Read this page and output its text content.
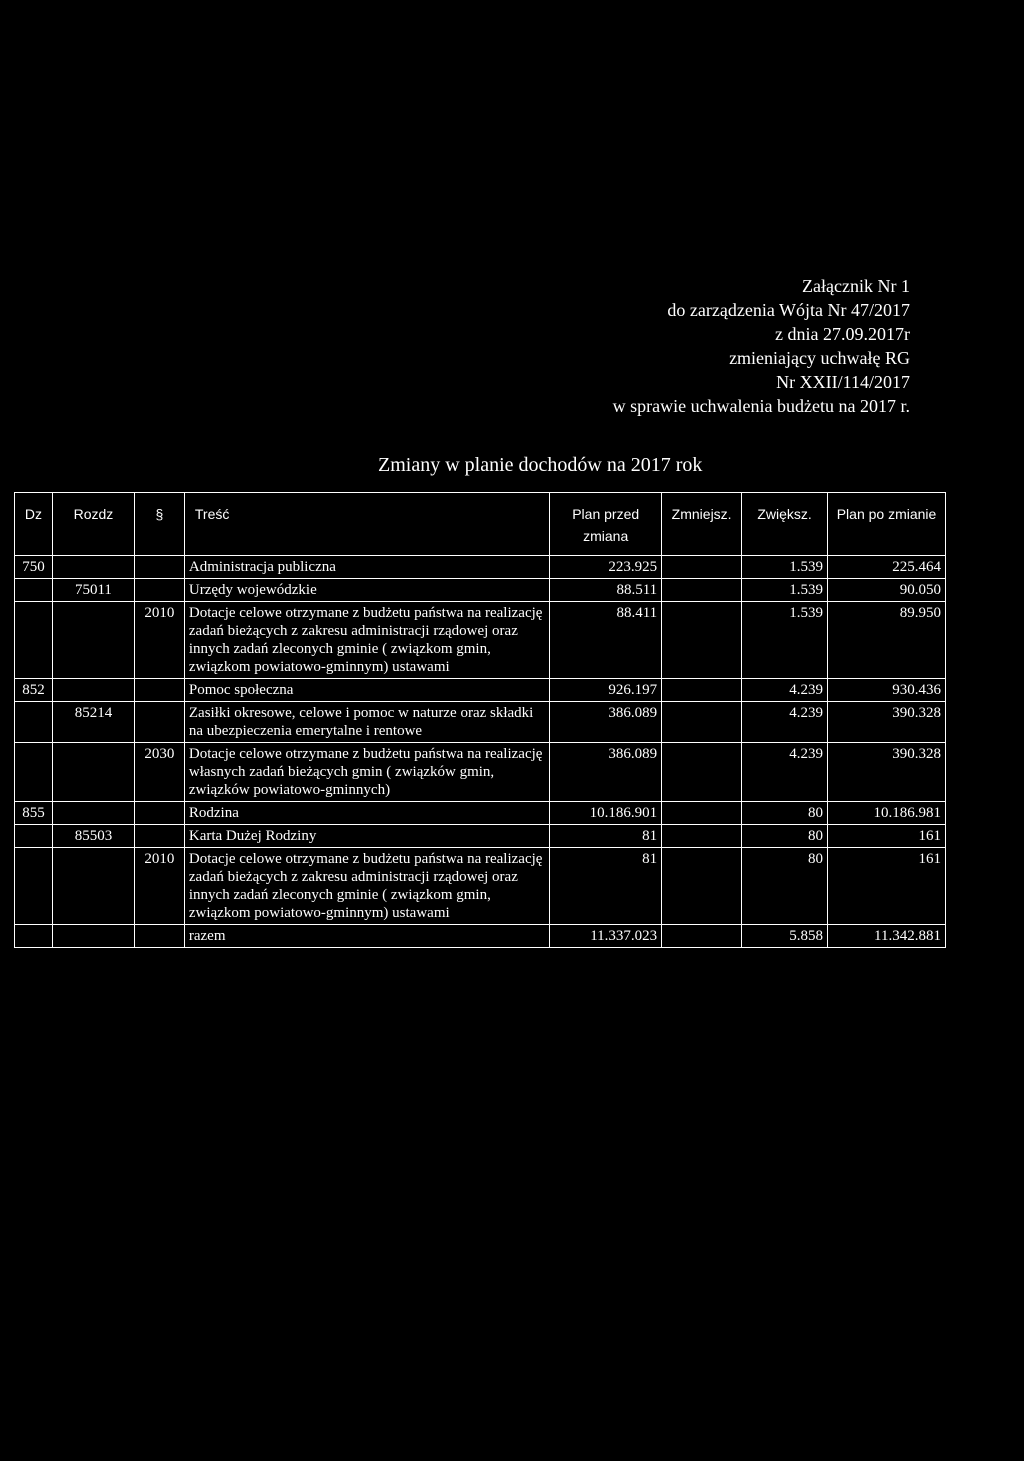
Załącznik Nr 1
do zarządzenia Wójta Nr 47/2017
z dnia 27.09.2017r
zmieniający uchwałę RG
Nr XXII/114/2017
w sprawie uchwalenia budżetu na 2017 r.
Zmiany w planie dochodów na 2017 rok
Dz	Rozdz	§	Treść	Plan przed zmiana	Zmniejsz.	Zwiększ.	Plan po zmianie
750			Administracja publiczna	223.925		1.539	225.464
	75011		Urzędy wojewódzkie	88.511		1.539	90.050
		2010	Dotacje celowe otrzymane z budżetu państwa na realizację zadań bieżących z zakresu administracji rządowej oraz innych zadań zleconych gminie ( związkom gmin, związkom powiatowo-gminnym) ustawami	88.411		1.539	89.950
852			Pomoc społeczna	926.197		4.239	930.436
	85214		Zasiłki okresowe, celowe i pomoc w naturze oraz składki na ubezpieczenia emerytalne i rentowe	386.089		4.239	390.328
		2030	Dotacje celowe otrzymane z budżetu państwa na realizację własnych zadań bieżących gmin ( związków gmin, związków powiatowo-gminnych)	386.089		4.239	390.328
855			Rodzina	10.186.901		80	10.186.981
	85503		Karta Dużej Rodziny	81		80	161
		2010	Dotacje celowe otrzymane z budżetu państwa na realizację zadań bieżących z zakresu administracji rządowej oraz innych zadań zleconych gminie ( związkom gmin, związkom powiatowo-gminnym) ustawami	81		80	161
			razem	11.337.023		5.858	11.342.881
